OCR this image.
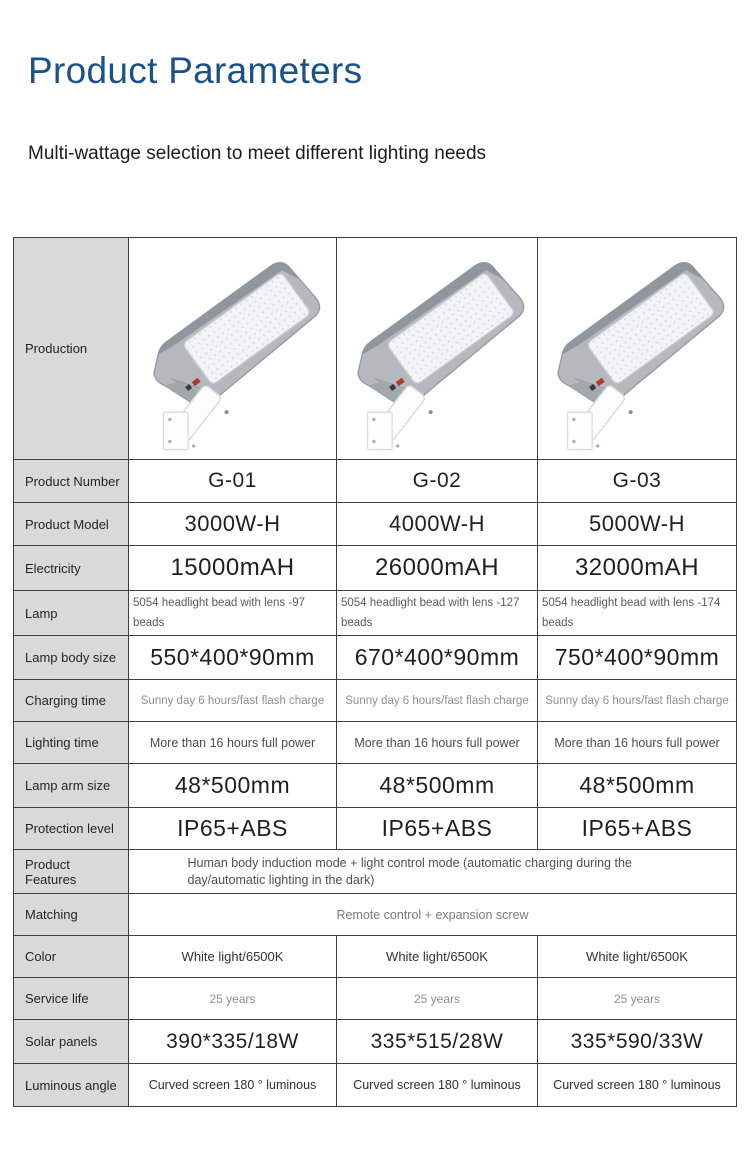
Product Parameters

Multi-wattage selection to meet different lighting needs

Production	

Product Number	G-01	G-02	G-03
Product Model	3000W-H	4000W-H	5000W-H
Electricity	15000mAH	26000mAH	32000mAH
Lamp	5054 headlight bead with lens -97 beads	5054 headlight bead with lens -127 beads	5054 headlight bead with lens -174 beads
Lamp body size	550*400*90mm	670*400*90mm	750*400*90mm
Charging time	Sunny day 6 hours/fast flash charge	Sunny day 6 hours/fast flash charge	Sunny day 6 hours/fast flash charge
Lighting time	More than 16 hours full power	More than 16 hours full power	More than 16 hours full power
Lamp arm size	48*500mm	48*500mm	48*500mm
Protection level	IP65+ABS	IP65+ABS	IP65+ABS
Product Features	Human body induction mode + light control mode (automatic charging during the day/automatic lighting in the dark)		

Matching	Remote control + expansion screw		
Color	White light/6500K	White light/6500K	White light/6500K
Service life	25 years	25 years	25 years
Solar panels	390*335/18W	335*515/28W	335*590/33W
Luminous angle	Curved screen 180 ° luminous	Curved screen 180 ° luminous	Curved screen 180 ° luminous
